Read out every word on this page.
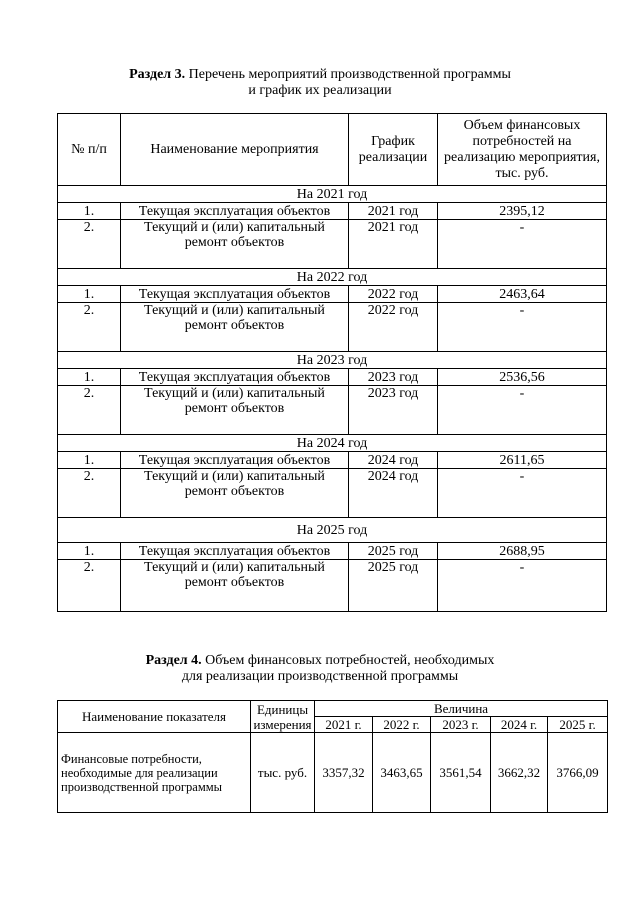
Раздел 3. Перечень мероприятий производственной программы
и график их реализации
№ п/п	Наименование мероприятия	График реализации	Объем финансовых потребностей на реализацию мероприятия, тыс. руб.
На 2021 год			
1.	Текущая эксплуатация объектов	2021 год	2395,12
2.	Текущий и (или) капитальный ремонт объектов	2021 год	-
На 2022 год			
1.	Текущая эксплуатация объектов	2022 год	2463,64
2.	Текущий и (или) капитальный ремонт объектов	2022 год	-
На 2023 год			
1.	Текущая эксплуатация объектов	2023 год	2536,56
2.	Текущий и (или) капитальный ремонт объектов	2023 год	-
На 2024 год			
1.	Текущая эксплуатация объектов	2024 год	2611,65
2.	Текущий и (или) капитальный ремонт объектов	2024 год	-
На 2025 год			
1.	Текущая эксплуатация объектов	2025 год	2688,95
2.	Текущий и (или) капитальный ремонт объектов	2025 год	-
Раздел 4. Объем финансовых потребностей, необходимых
для реализации производственной программы
Наименование показателя	Единицы измерения	Величина				
		2021 г.	2022 г.	2023 г.	2024 г.	2025 г.
Финансовые потребности, необходимые для реализации производственной программы	тыс. руб.	3357,32	3463,65	3561,54	3662,32	3766,09
